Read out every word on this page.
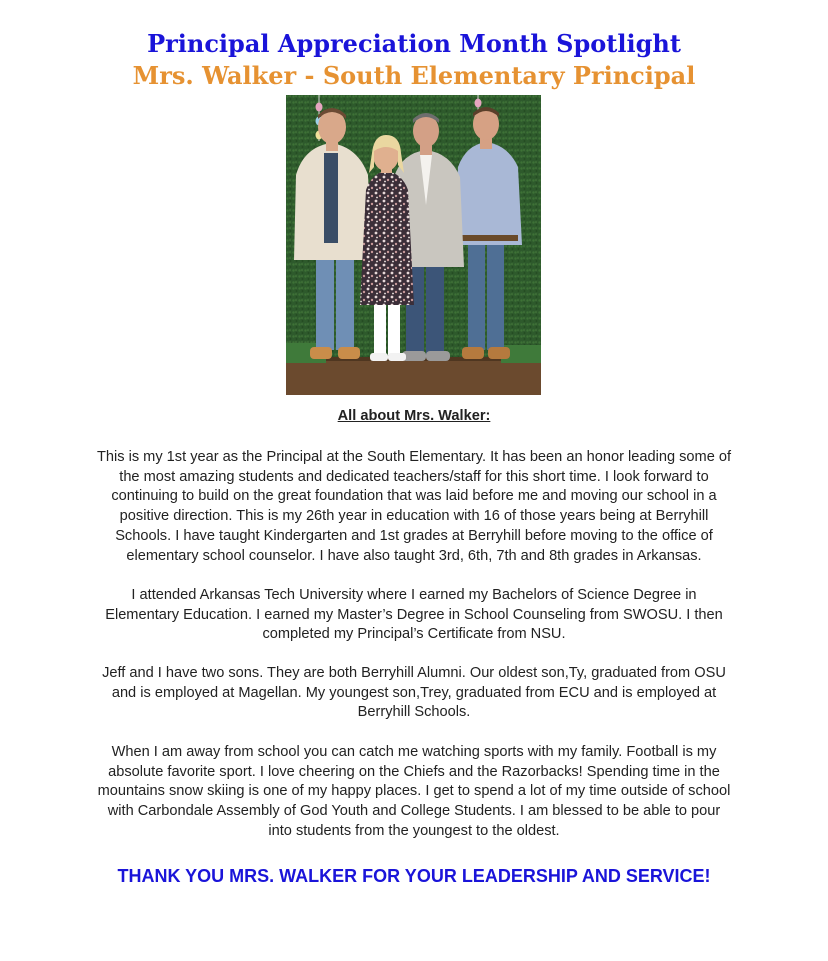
Principal Appreciation Month Spotlight
Mrs. Walker - South Elementary Principal

All about Mrs. Walker:

This is my 1st year as the Principal at the South Elementary. It has been an honor leading some of the most amazing students and dedicated teachers/staff for this short time. I look forward to continuing to build on the great foundation that was laid before me and moving our school in a positive direction. This is my 26th year in education with 16 of those years being at Berryhill Schools. I have taught Kindergarten and 1st grades at Berryhill before moving to the office of elementary school counselor. I have also taught 3rd, 6th, 7th and 8th grades in Arkansas.

I attended Arkansas Tech University where I earned my Bachelors of Science Degree in Elementary Education. I earned my Master’s Degree in School Counseling from SWOSU. I then completed my Principal’s Certificate from NSU.

Jeff and I have two sons. They are both Berryhill Alumni. Our oldest son,Ty, graduated from OSU and is employed at Magellan. My youngest son,Trey, graduated from ECU and is employed at Berryhill Schools.

When I am away from school you can catch me watching sports with my family. Football is my absolute favorite sport. I love cheering on the Chiefs and the Razorbacks! Spending time in the mountains snow skiing is one of my happy places. I get to spend a lot of my time outside of school with Carbondale Assembly of God Youth and College Students. I am blessed to be able to pour into students from the youngest to the oldest.

THANK YOU MRS. WALKER FOR YOUR LEADERSHIP AND SERVICE!
